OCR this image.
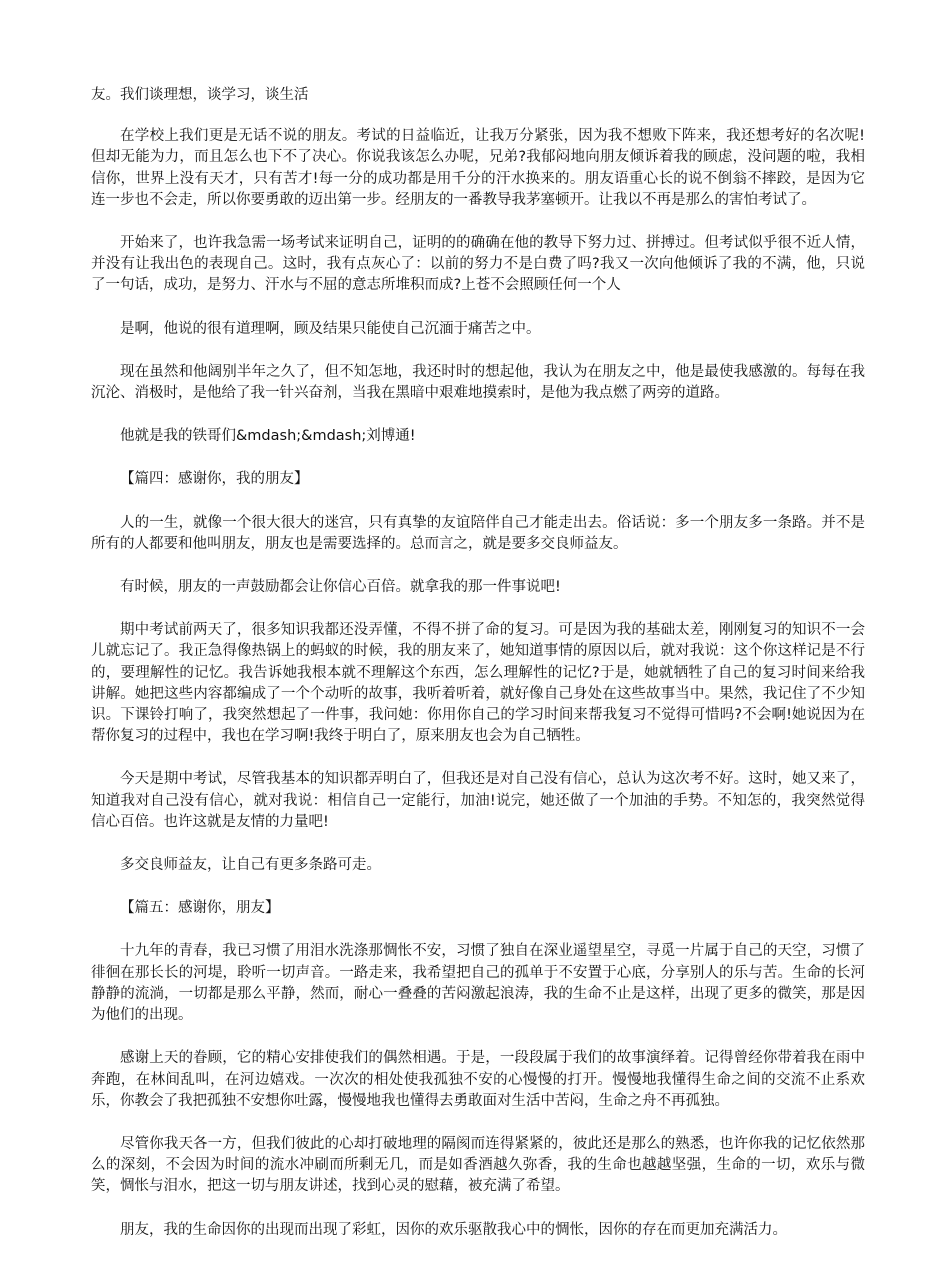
友。我们谈理想，谈学习，谈生活

在学校上我们更是无话不说的朋友。考试的日益临近，让我万分紧张，因为我不想败下阵来，我还想考好的名次呢!但却无能为力，而且怎么也下不了决心。你说我该怎么办呢，兄弟?我郁闷地向朋友倾诉着我的顾虑，没问题的啦，我相信你，世界上没有天才，只有苦才!每一分的成功都是用千分的汗水换来的。朋友语重心长的说不倒翁不摔跤，是因为它连一步也不会走，所以你要勇敢的迈出第一步。经朋友的一番教导我茅塞顿开。让我以不再是那么的害怕考试了。

开始来了，也许我急需一场考试来证明自己，证明的的确确在他的教导下努力过、拼搏过。但考试似乎很不近人情，并没有让我出色的表现自己。这时，我有点灰心了：以前的努力不是白费了吗?我又一次向他倾诉了我的不满，他，只说了一句话，成功，是努力、汗水与不屈的意志所堆积而成?上苍不会照顾任何一个人

是啊，他说的很有道理啊，顾及结果只能使自己沉湎于痛苦之中。

现在虽然和他阔别半年之久了，但不知怎地，我还时时的想起他，我认为在朋友之中，他是最使我感激的。每每在我沉沦、消极时，是他给了我一针兴奋剂，当我在黑暗中艰难地摸索时，是他为我点燃了两旁的道路。

他就是我的铁哥们&mdash;&mdash;刘博通!

【篇四：感谢你，我的朋友】

人的一生，就像一个很大很大的迷宫，只有真挚的友谊陪伴自己才能走出去。俗话说：多一个朋友多一条路。并不是所有的人都要和他叫朋友，朋友也是需要选择的。总而言之，就是要多交良师益友。

有时候，朋友的一声鼓励都会让你信心百倍。就拿我的那一件事说吧!

期中考试前两天了，很多知识我都还没弄懂，不得不拼了命的复习。可是因为我的基础太差，刚刚复习的知识不一会儿就忘记了。我正急得像热锅上的蚂蚁的时候，我的朋友来了，她知道事情的原因以后，就对我说：这个你这样记是不行的，要理解性的记忆。我告诉她我根本就不理解这个东西，怎么理解性的记忆?于是，她就牺牲了自己的复习时间来给我讲解。她把这些内容都编成了一个个动听的故事，我听着听着，就好像自己身处在这些故事当中。果然，我记住了不少知识。下课铃打响了，我突然想起了一件事，我问她：你用你自己的学习时间来帮我复习不觉得可惜吗?不会啊!她说因为在帮你复习的过程中，我也在学习啊!我终于明白了，原来朋友也会为自己牺牲。

今天是期中考试，尽管我基本的知识都弄明白了，但我还是对自己没有信心，总认为这次考不好。这时，她又来了，知道我对自己没有信心，就对我说：相信自己一定能行，加油!说完，她还做了一个加油的手势。不知怎的，我突然觉得信心百倍。也许这就是友情的力量吧!

多交良师益友，让自己有更多条路可走。

【篇五：感谢你，朋友】

十九年的青春，我已习惯了用泪水洗涤那惆怅不安，习惯了独自在深业遥望星空，寻觅一片属于自己的天空，习惯了徘徊在那长长的河堤，聆听一切声音。一路走来，我希望把自己的孤单于不安置于心底，分享别人的乐与苦。生命的长河静静的流淌，一切都是那么平静，然而，耐心一叠叠的苦闷激起浪涛，我的生命不止是这样，出现了更多的微笑，那是因为他们的出现。

感谢上天的眷顾，它的精心安排使我们的偶然相遇。于是，一段段属于我们的故事演绎着。记得曾经你带着我在雨中奔跑，在林间乱叫，在河边嬉戏。一次次的相处使我孤独不安的心慢慢的打开。慢慢地我懂得生命之间的交流不止系欢乐，你教会了我把孤独不安想你吐露，慢慢地我也懂得去勇敢面对生活中苦闷，生命之舟不再孤独。

尽管你我天各一方，但我们彼此的心却打破地理的隔阂而连得紧紧的，彼此还是那么的熟悉，也许你我的记忆依然那么的深刻，不会因为时间的流水冲刷而所剩无几，而是如香酒越久弥香，我的生命也越越坚强，生命的一切，欢乐与微笑，惆怅与泪水，把这一切与朋友讲述，找到心灵的慰藉，被充满了希望。

朋友，我的生命因你的出现而出现了彩虹，因你的欢乐驱散我心中的惆怅，因你的存在而更加充满活力。
